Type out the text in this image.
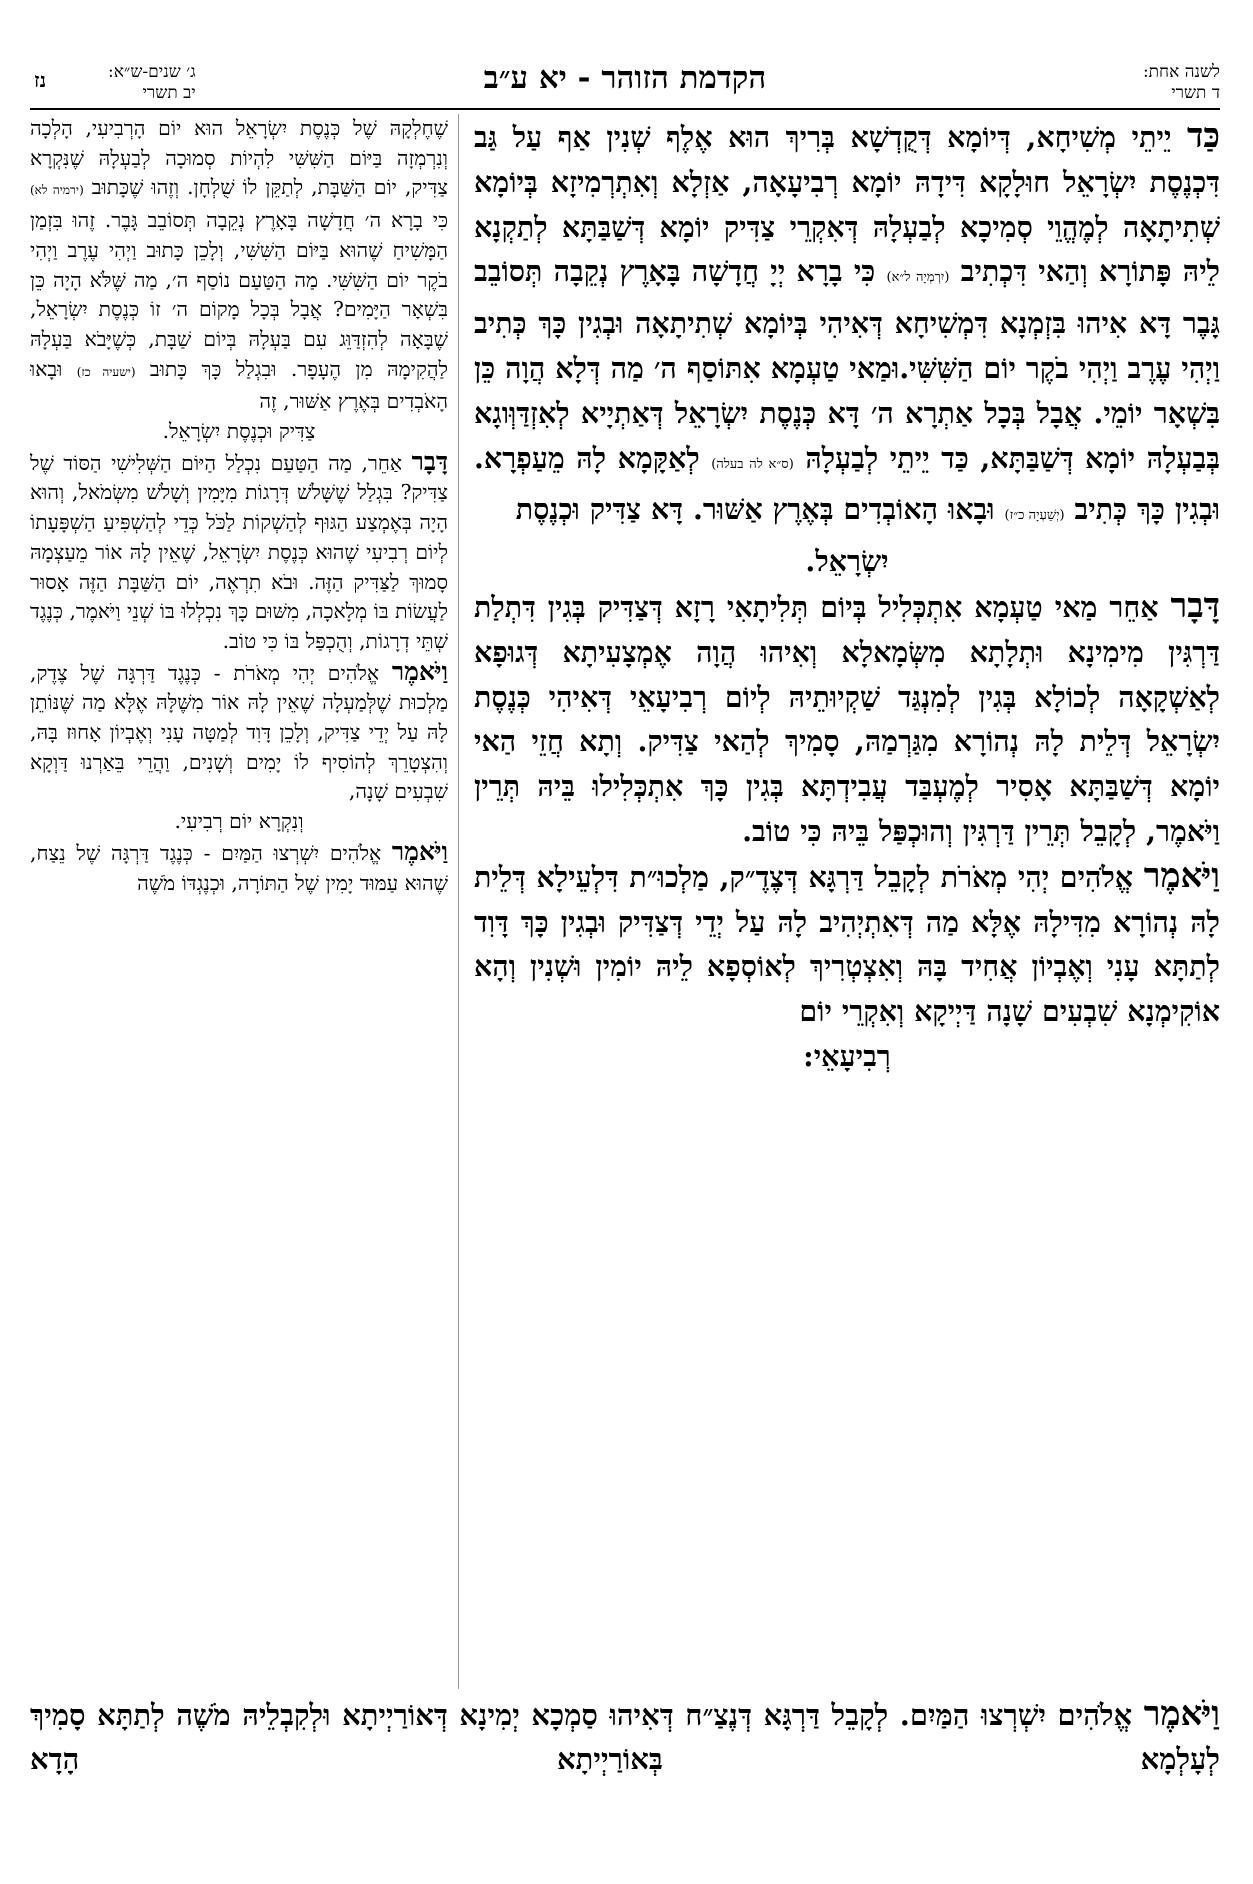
לשנה אחת:
ד תשרי
הקדמת הזוהר - יא ע״ב
ג׳ שנים-ש״א:
יב תשרי
נז

כַּד יֵיתֵי מְשִׁיחָא, דְּיוֹמָא דְּקֻדְשָׁא בְּרִיךְ הוּא אֶלֶף שְׁנִין אַף עַל גַּב דִּכְנֶסֶת יִשְׂרָאֵל חוּלָקָא דִּידָהּ יוֹמָא רְבִיעָאָה, אַזְלָא וְאִתְרְמִיזָא בְּיוֹמָא שְׁתִיתָאָה לְמֶהֱוֵי סְמִיכָא לְבַעְלָהּ דְּאִקְרֵי צַדִּיק יוֹמָא דְּשַׁבַּתָּא לְתַקְנָא לֵיהּ פָּתוֹרָא וְהַאי דִּכְתִיב (יִרְמְיָה ל״א) כִּי בָרָא יְיָ חֲדָשָׁה בָּאָרֶץ נְקֵבָה תְּסוֹבֵב גָּבֶר דָּא אִיהוּ בִּזְמְנָא דִּמְשִׁיחָא דְּאִיהִי בְּיוֹמָא שְׁתִיתָאָה וּבְגִין כָּךְ כְּתִיב וַיְהִי עֶרֶב וַיְהִי בֹקֶר יוֹם הַשִּׁשִּׁי.וּמַאי טַעְמָא אִתּוֹסַף ה׳ מַה דְּלָא הֲוָה כֵּן בִּשְׁאָר יוֹמֵי. אֲבָל בְּכָל אַתְרָא ה׳ דָּא כְּנֶסֶת יִשְׂרָאֵל דְּאַתְיָיא לְאִזְדַּוְּוגָא בְּבַעְלָהּ יוֹמָא דְּשַׁבַּתָּא, כַּד יֵיתֵי לְבַעְלָהּ (ס״א לה בעלה) לְאַקָּמָא לָהּ מֵעַפְרָא. וּבְגִין כָּךְ כְּתִיב (יְשַׁעְיָה כ״ז) וּבָאוּ הָאוֹבְדִים בְּאֶרֶץ אַשּׁוּר. דָּא צַדִּיק וּכְנֶסֶת

יִשְׂרָאֵל.

דָּבָר אַחֵר מַאי טַעְמָא אִתְכְּלִיל בְּיוֹם תְּלִיתָאִי רָזָא דְּצַדִּיק בְּגִין דִּתְלַת דַּרְגִּין מִימִינָא וּתְלָתָא מִשְּׂמָאלָא וְאִיהוּ הֲוָה אֶמְצָעִיתָא דְּגוּפָא לְאַשְׁקָאָה לְכוֹלָא בְּגִין לְמִנְגַּד שַׁקְיוּתֵיהּ לְיוֹם רְבִיעָאֵי דְּאִיהִי כְּנֶסֶת יִשְׂרָאֵל דְּלֵית לָהּ נְהוֹרָא מִגַּרְמַהּ, סָמִיךְ לְהַאי צַדִּיק. וְתָא חֲזֵי הַאי יוֹמָא דְּשַׁבַּתָּא אָסִיר לְמֶעְבַּד עֲבִידְתָּא בְּגִין כָּךְ אִתְכְּלִילוּ בֵּיהּ תְּרֵין וַיֹּאמֶר, לְקָבֵל תְּרֵין דַּרְגִּין וְהוּכְפַּל בֵּיהּ כִּי טוֹב.

וַיֹּאמֶר אֱלֹהִים יְהִי מְאֹרֹת לְקָבֵל דַּרְגָּא דְּצֶדֶ״ק, מַלְכוּ״ת דִּלְעֵילָא דְּלֵית לָהּ נְהוֹרָא מִדִּילָהּ אֶלָּא מַה דְּאִתְיְהִיב לָהּ עַל יְדֵי דְּצַדִּיק וּבְגִין כָּךְ דָּוִד לְתַתָּא עָנִי וְאֶבְיוֹן אֲחִיד בָּהּ וְאִצְטְרִיךְ לְאוֹסְפָא לֵיהּ יוֹמִין וּשְׁנִין וְהָא אוֹקִימְנָא שִׁבְעִים שָׁנָה דַּיְיקָא וְאִקְרֵי יוֹם

רְבִיעָאֵי:

שֶׁחֶלְקָהּ שֶׁל כְּנֶסֶת יִשְׂרָאֵל הוּא יוֹם הָרְבִיעִי, הָלְכָה וְנִרְמְזָה בַּיּוֹם הַשִּׁשִּׁי לִהְיוֹת סְמוּכָה לְבַעְלָהּ שֶׁנִּקְרָא צַדִּיק, יוֹם הַשַּׁבָּת, לְתַקֵּן לוֹ שֻׁלְחָן. וְזֶהוּ שֶׁכָּתוּב (ירמיה לא) כִּי בָרָא ה׳ חֲדָשָׁה בָּאָרֶץ נְקֵבָה תְּסוֹבֵב גָּבֶר. זֶהוּ בִּזְמַן הַמָּשִׁיחַ שֶׁהוּא בַּיּוֹם הַשִּׁשִּׁי, וְלָכֵן כָּתוּב וַיְהִי עֶרֶב וַיְהִי בֹקֶר יוֹם הַשִּׁשִּׁי. מַה הַטַּעַם נוֹסַף ה׳, מַה שֶּׁלֹּא הָיָה כֵּן בִּשְׁאָר הַיָּמִים? אֲבָל בְּכָל מָקוֹם ה׳ זוֹ כְּנֶסֶת יִשְׂרָאֵל, שֶׁבָּאָה לְהִזְדַּוֵּג עִם בַּעְלָהּ בְּיוֹם שַׁבָּת, כְּשֶׁיָּבֹא בַּעְלָהּ לַהֲקִימָהּ מִן הֶעָפָר. וּבִגְלַל כָּךְ כָּתוּב (ישעיה כז) וּבָאוּ הָאֹבְדִים בְּאֶרֶץ אַשּׁוּר, זֶה

צַדִּיק וּכְנֶסֶת יִשְׂרָאֵל.

דָּבָר אַחֵר, מַה הַטַּעַם נִכְלַל הַיּוֹם הַשְּׁלִישִׁי הַסּוֹד שֶׁל צַדִּיק? בִּגְלַל שֶׁשָּׁלֹשׁ דְּרָגוֹת מִיָּמִין וְשָׁלֹשׁ מִשְּׂמֹאל, וְהוּא הָיָה בְּאֶמְצַע הַגּוּף לְהַשְׁקוֹת לַכֹּל כְּדֵי לְהַשְׁפִּיעַ הַשְׁפָּעָתוֹ לְיוֹם רְבִיעִי שֶׁהוּא כְּנֶסֶת יִשְׂרָאֵל, שֶׁאֵין לָהּ אוֹר מֵעַצְמָהּ סָמוּךְ לַצַּדִּיק הַזֶּה. וּבֹא תִרְאֶה, יוֹם הַשַּׁבָּת הַזֶּה אָסוּר לַעֲשׂוֹת בּוֹ מְלָאכָה, מִשּׁוּם כָּךְ נִכְלְלוּ בּוֹ שְׁנֵי וַיֹּאמֶר, כְּנֶגֶד שְׁתֵּי דְרָגוֹת, וְהֻכְפַּל בּוֹ כִּי טוֹב.

וַיֹּאמֶר אֱלֹהִים יְהִי מְאֹרֹת - כְּנֶגֶד דַּרְגָּה שֶׁל צֶדֶק, מַלְכוּת שֶׁלְּמַעְלָה שֶׁאֵין לָהּ אוֹר מִשֶּׁלָּהּ אֶלָּא מַה שֶּׁנּוֹתֵן לָהּ עַל יְדֵי צַדִּיק, וְלָכֵן דָּוִד לְמַטָּה עָנִי וְאֶבְיוֹן אָחוּז בָּהּ, וְהִצְטָרֵךְ לְהוֹסִיף לוֹ יָמִים וְשָׁנִים, וַהֲרֵי בֵּאַרְנוּ דַּוְקָא שִׁבְעִים שָׁנָה,

וְנִקְרָא יוֹם רְבִיעִי.

וַיֹּאמֶר אֱלֹהִים יִשְׁרְצוּ הַמַּיִם - כְּנֶגֶד דַּרְגָּה שֶׁל נֵצַח, שֶׁהוּא עַמּוּד יָמִין שֶׁל הַתּוֹרָה, וּכְנֶגְדּוֹ מֹשֶׁה

וַיֹּאמֶר אֱלֹהִים יִשְׁרְצוּ הַמַּיִם. לְקָבֵל דַּרְגָּא דְּנֶצַ״ח דְּאִיהוּ סַמְכָא יְמִינָא דְּאוֹרַיְיתָא וּלְקִבְלֵיהּ מֹשֶׁה לְתַתָּא סָמִיךְ לְעָלְמָא בְּאוֹרַיְיתָא הָדָא
